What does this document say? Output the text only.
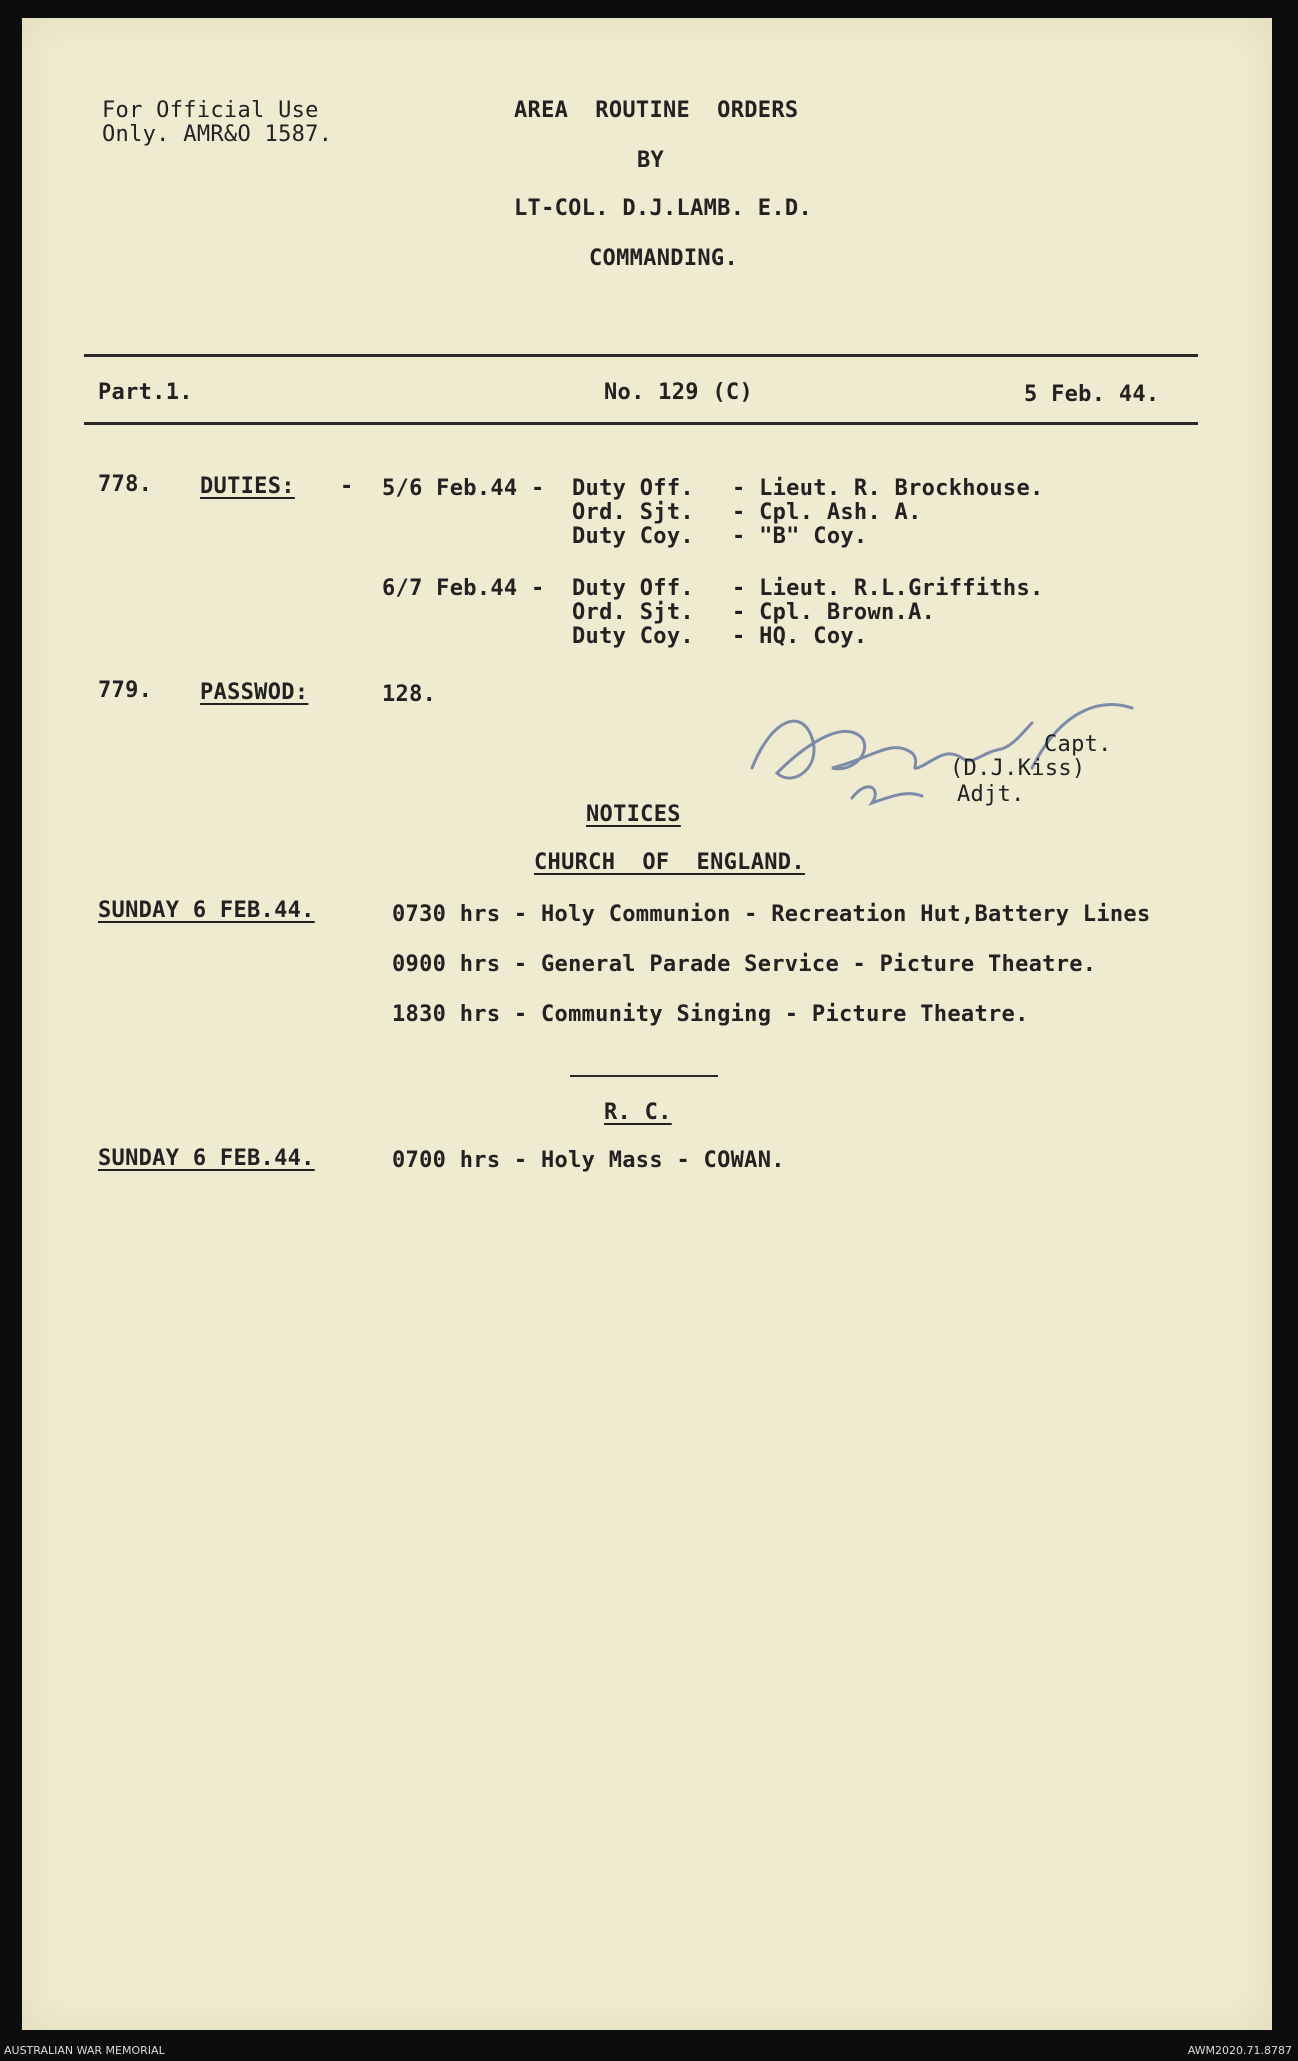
For Official Use
Only. AMR&O 1587.
AREA  ROUTINE  ORDERS
BY
LT-COL. D.J.LAMB. E.D.
COMMANDING.
Part.1.	No. 129 (C)	5 Feb. 44.
778. DUTIES: - 5/6 Feb.44 - Duty Off. - Lieut. R. Brockhouse.
Ord. Sjt. - Cpl. Ash. A.
Duty Coy. - "B" Coy.
6/7 Feb.44 - Duty Off. - Lieut. R.L.Griffiths.
Ord. Sjt. - Cpl. Brown.A.
Duty Coy. - HQ. Coy.
779. PASSWOD:	128.
Capt.
(D.J.Kiss)
Adjt.
NOTICES
CHURCH  OF  ENGLAND.
SUNDAY 6 FEB.44.	0730 hrs - Holy Communion - Recreation Hut,Battery Lines
0900 hrs - General Parade Service - Picture Theatre.
1830 hrs - Community Singing - Picture Theatre.
R. C.
SUNDAY 6 FEB.44.	0700 hrs - Holy Mass - COWAN.
AUSTRALIAN WAR MEMORIAL	AWM2020.71.8787
